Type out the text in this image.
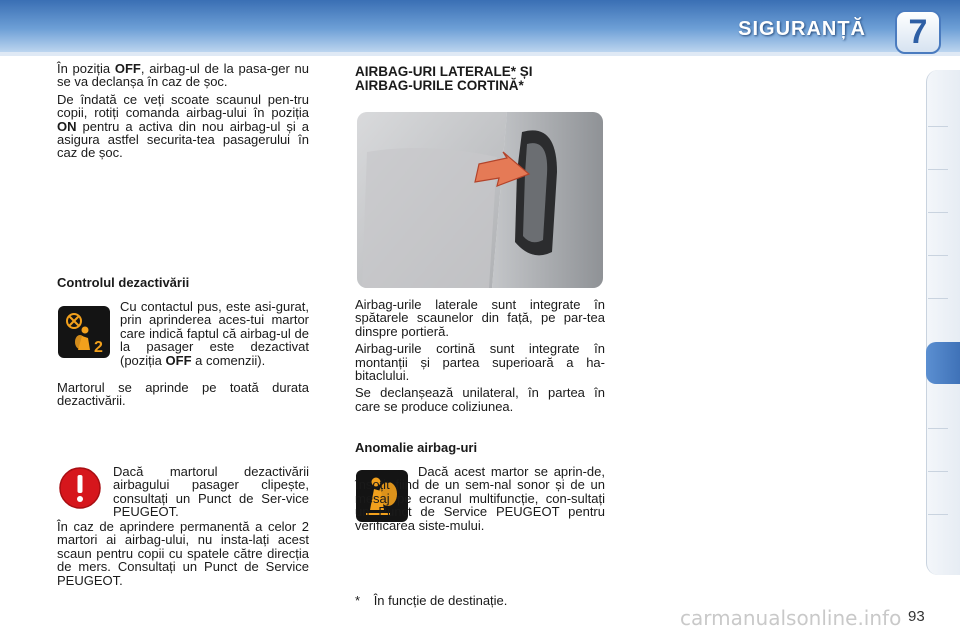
SIGURANȚĂ	7

În poziția OFF, airbag-ul de la pasa-ger nu se va declanșa în caz de șoc.

De îndată ce veți scoate scaunul pen-tru copii, rotiți comanda airbag-ului în poziția ON pentru a activa din nou airbag-ul și a asigura astfel securita-tea pasagerului în caz de șoc.

Controlul dezactivării
2

Cu contactul pus, este asi-gurat, prin aprinderea aces-tui martor care indică faptul că airbag-ul de la pasager este dezactivat (poziția OFF a comenzii).

Martorul se aprinde pe toată durata dezactivării.

Dacă martorul dezactivării airbagului pasager clipește, consultați un Punct de Ser-vice PEUGEOT.

În caz de aprindere permanentă a celor 2 martori ai airbag-ului, nu insta-lați acest scaun pentru copii cu spatele către direcția de mers. Consultați un Punct de Service PEUGEOT.

AIRBAG-URI LATERALE* ȘI
AIRBAG-URILE CORTINĂ*

Airbag-urile laterale sunt integrate în spătarele scaunelor din față, pe par-tea dinspre portieră.

Airbag-urile cortină sunt integrate în montanții și partea superioară a ha-bitaclului.

Se declanșează unilateral, în partea în care se produce coliziunea.

Anomalie airbag-uri

Dacă acest martor se aprin-de, însoțit fiind de un sem-nal sonor și de un mesaj pe ecranul multifuncție, con-sultați un Punct de Service PEUGEOT pentru verificarea siste-mului.

* În funcție de destinație.
carmanualsonline.info 93
